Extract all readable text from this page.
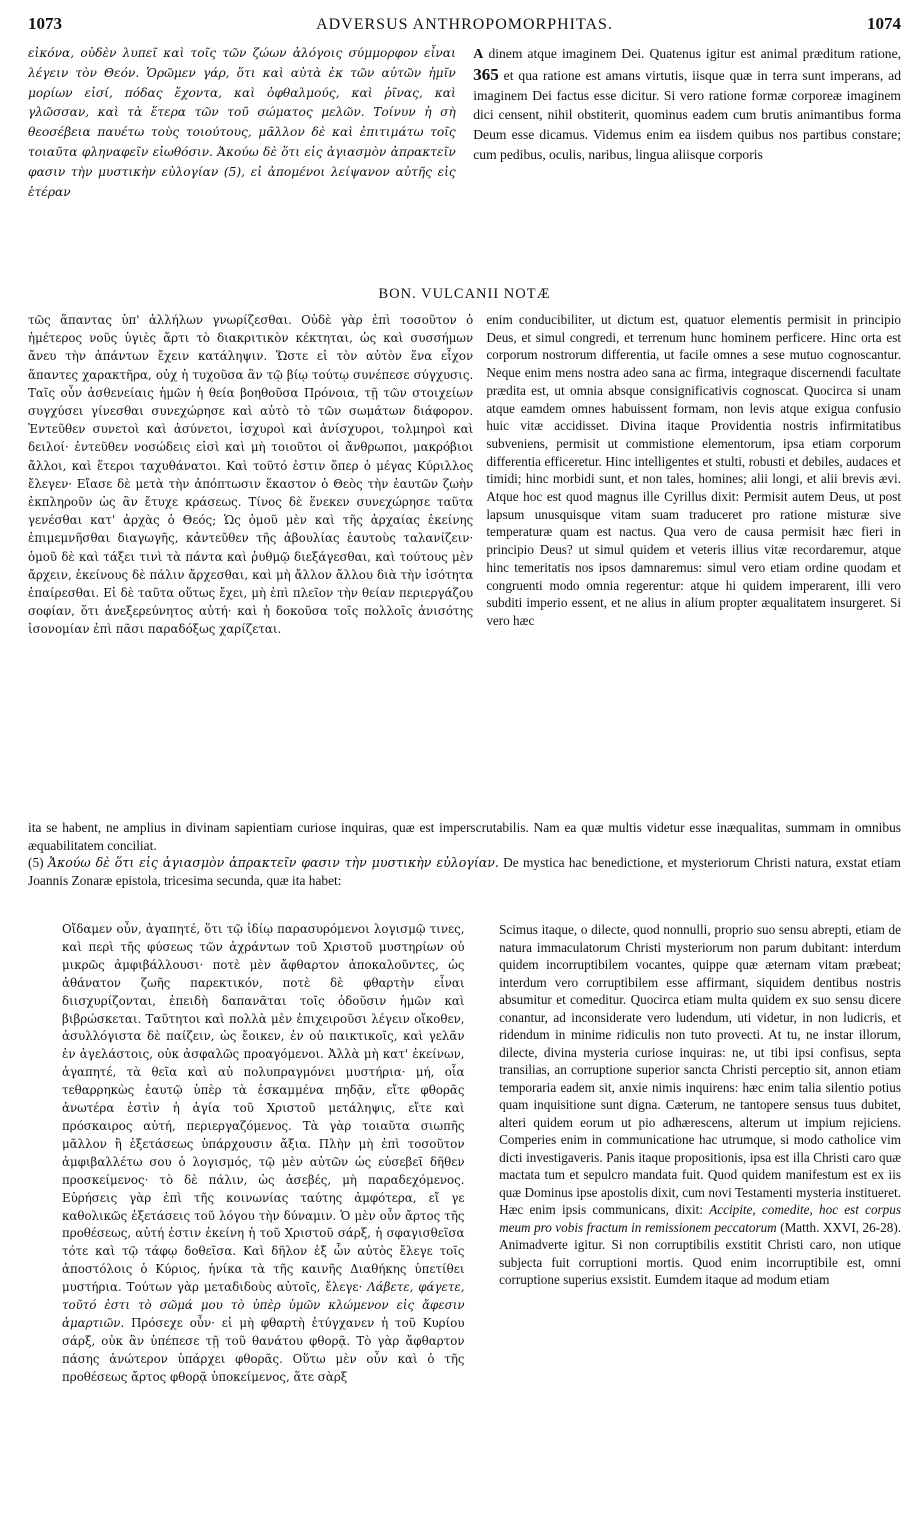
1073	ADVERSUS ANTHROPOMORPHITAS.	1074
εἰκόνα, οὐδὲν λυπεῖ καὶ τοῖς τῶν ζώων ἀλόγοις σύμμορφον εἶναι λέγειν τὸν Θεόν. Ὁρῶμεν γάρ, ὅτι καὶ αὐτὰ ἐκ τῶν αὐτῶν ἡμῖν μορίων εἰσί, πόδας ἔχοντα, καὶ ὀφθαλμούς, καὶ ῥῖνας, καὶ γλῶσσαν, καὶ τὰ ἕτερα τῶν τοῦ σώματος μελῶν. Τοίνυν ἡ σὴ θεοσέβεια παυέτω τοὺς τοιούτους, μᾶλλον δὲ καὶ ἐπιτιμάτω τοῖς τοιαῦτα φληναφεῖν εἰωθόσιν. Ἀκούω δὲ ὅτι εἰς ἁγιασμὸν ἀπρακτεῖν φασιν τὴν μυστικὴν εὐλογίαν (5), εἰ ἀπομένοι λείψανον αὐτῆς εἰς ἑτέραν
A dinem atque imaginem Dei. Quatenus igitur est animal præditum ratione, 365 et qua ratione est amans virtutis, iisque quæ in terra sunt imperans, ad imaginem Dei factus esse dicitur. Si vero ratione formæ corporeæ imaginem dici censent, nihil obstiterit, quominus eadem cum brutis animantibus forma Deum esse dicamus. Videmus enim ea iisdem quibus nos partibus constare; cum pedibus, oculis, naribus, lingua aliisque corporis
BON. VULCANII NOTÆ
τῶς ἅπαντας ὑπ' ἀλλήλων γνωρίζεσθαι. Οὐδὲ γὰρ ἐπὶ τοσοῦτον ὁ ἡμέτερος νοῦς ὑγιὲς ἄρτι τὸ διακριτικὸν κέκτηται, ὡς καὶ συσσήμων ἄνευ τὴν ἁπάντων ἔχειν κατάληψιν. Ὥστε εἰ τὸν αὐτὸν ἕνα εἶχον ἅπαντες χαρακτῆρα, οὐχ ἡ τυχοῦσα ἂν τῷ βίῳ τούτῳ συνέπεσε σύγχυσις. Ταῖς οὖν ἀσθενείαις ἡμῶν ἡ θεία βοηθοῦσα Πρόνοια, τῇ τῶν στοιχείων συγχύσει γίνεσθαι συνεχώρησε καὶ αὐτὸ τὸ τῶν σωμάτων διάφορον. Ἐντεῦθεν συνετοὶ καὶ ἀσύνετοι, ἰσχυροὶ καὶ ἀνίσχυροι, τολμηροὶ καὶ δειλοί· ἐντεῦθεν νοσώδεις εἰσὶ καὶ μὴ τοιοῦτοι οἱ ἄνθρωποι, μακρόβιοι ἄλλοι, καὶ ἕτεροι ταχυθάνατοι. Καὶ τοῦτό ἐστιν ὅπερ ὁ μέγας Κύριλλος ἔλεγεν· Εἴασε δὲ μετὰ τὴν ἀπόπτωσιν ἕκαστον ὁ Θεὸς τὴν ἑαυτῶν ζωὴν ἐκπληροῦν ὡς ἂν ἔτυχε κράσεως. Τίνος δὲ ἕνεκεν συνεχώρησε ταῦτα γενέσθαι κατ' ἀρχὰς ὁ Θεός; Ὡς ὁμοῦ μὲν καὶ τῆς ἀρχαίας ἐκείνης ἐπιμεμνῆσθαι διαγωγῆς, κἀντεῦθεν τῆς ἀβουλίας ἑαυτοὺς ταλανίζειν· ὁμοῦ δὲ καὶ τάξει τινὶ τὰ πάντα καὶ ῥυθμῷ διεξάγεσθαι, καὶ τούτους μὲν ἄρχειν, ἐκείνους δὲ πάλιν ἄρχεσθαι, καὶ μὴ ἄλλον ἄλλου διὰ τὴν ἰσότητα ἐπαίρεσθαι. Εἰ δὲ ταῦτα οὕτως ἔχει, μὴ ἐπὶ πλεῖον τὴν θείαν περιεργάζου σοφίαν, ὅτι ἀνεξερεύνητος αὐτή· καὶ ἡ δοκοῦσα τοῖς πολλοῖς ἀνισότης ἰσονομίαν ἐπὶ πᾶσι παραδόξως χαρίζεται.
enim conducibiliter, ut dictum est, quatuor elementis permisit in principio Deus, et simul congredi, et terrenum hunc hominem perficere. Hinc orta est corporum nostrorum differentia, ut facile omnes a sese mutuo cognoscantur. Neque enim mens nostra adeo sana ac firma, integraque discernendi facultate prædita est, ut omnia absque consignificativis cognoscat. Quocirca si unam atque eamdem omnes habuissent formam, non levis atque exigua confusio huic vitæ accidisset. Divina itaque Providentia nostris infirmitatibus subveniens, permisit ut commistione elementorum, ipsa etiam corporum differentia efficeretur. Hinc intelligentes et stulti, robusti et debiles, audaces et timidi; hinc morbidi sunt, et non tales, homines; alii longi, et alii brevis ævi. Atque hoc est quod magnus ille Cyrillus dixit: Permisit autem Deus, ut post lapsum unusquisque vitam suam traduceret pro ratione misturæ sive temperaturæ quam est nactus. Qua vero de causa permisit hæc fieri in principio Deus? ut simul quidem et veteris illius vitæ recordaremur, atque hinc temeritatis nos ipsos damnaremus: simul vero etiam ordine quodam et congruenti modo omnia regerentur: atque hi quidem imperarent, illi vero subditi imperio essent, et ne alius in alium propter æqualitatem insurgeret. Si vero hæc
ita se habent, ne amplius in divinam sapientiam curiose inquiras, quæ est imperscrutabilis. Nam ea quæ multis videtur esse inæqualitas, summam in omnibus æquabilitatem conciliat.
(5) Ἀκούω δὲ ὅτι εἰς ἁγιασμὸν ἀπρακτεῖν φασιν τὴν μυστικὴν εὐλογίαν. De mystica hac benedictione, et mysteriorum Christi natura, exstat etiam Joannis Zonaræ epistola, tricesima secunda, quæ ita habet:
Οἴδαμεν οὖν, ἀγαπητέ, ὅτι τῷ ἰδίῳ παρασυρόμενοι λογισμῷ τινες, καὶ περὶ τῆς φύσεως τῶν ἀχράντων τοῦ Χριστοῦ μυστηρίων οὐ μικρῶς ἀμφιβάλλουσι· ποτὲ μὲν ἄφθαρτον ἀποκαλοῦντες, ὡς ἀθάνατον ζωῆς παρεκτικόν, ποτὲ δὲ φθαρτὴν εἶναι διισχυρίζονται, ἐπειδὴ δαπανᾶται τοῖς ὀδοῦσιν ἡμῶν καὶ βιβρώσκεται. Ταῦτητοι καὶ πολλὰ μὲν ἐπιχειροῦσι λέγειν οἴκοθεν, ἀσυλλόγιστα δὲ παίζειν, ὡς ἔοικεν, ἐν οὐ παικτικοῖς, καὶ γελᾶν ἐν ἀγελάστοις, οὐκ ἀσφαλῶς προαγόμενοι. Ἀλλὰ μὴ κατ' ἐκείνων, ἀγαπητέ, τὰ θεῖα καὶ αὐ πολυπραγμόνει μυστήρια· μή, οἷα τεθαρρηκὼς ἑαυτῷ ὑπὲρ τὰ ἐσκαμμένα πηδᾷν, εἴτε φθορᾶς ἀνωτέρα ἐστὶν ἡ ἁγία τοῦ Χριστοῦ μετάληψις, εἴτε καὶ πρόσκαιρος αὐτή, περιεργαζόμενος. Τὰ γὰρ τοιαῦτα σιωπῆς μᾶλλον ἢ ἐξετάσεως ὑπάρχουσιν ἄξια. Πλὴν μὴ ἐπὶ τοσοῦτον ἀμφιβαλλέτω σου ὁ λογισμός, τῷ μὲν αὐτῶν ὡς εὐσεβεῖ δῆθεν προσκείμενος· τὸ δὲ πάλιν, ὡς ἀσεβές, μὴ παραδεχόμενος. Εὑρήσεις γὰρ ἐπὶ τῆς κοινωνίας ταύτης ἀμφότερα, εἴ γε καθολικῶς ἐξετάσεις τοῦ λόγου τὴν δύναμιν. Ὁ μὲν οὖν ἄρτος τῆς προθέσεως, αὐτή ἐστιν ἐκείνη ἡ τοῦ Χριστοῦ σάρξ, ἡ σφαγισθεῖσα τότε καὶ τῷ τάφῳ δοθεῖσα. Καὶ δῆλον ἐξ ὧν αὐτὸς ἔλεγε τοῖς ἀποστόλοις ὁ Κύριος, ἡνίκα τὰ τῆς καινῆς Διαθήκης ὑπετίθει μυστήρια. Τούτων γὰρ μεταδιδοὺς αὐτοῖς, ἔλεγε· Λάβετε, φάγετε, τοῦτό ἐστι τὸ σῶμά μου τὸ ὑπὲρ ὑμῶν κλώμενον εἰς ἄφεσιν ἁμαρτιῶν. Πρόσεχε οὖν· εἰ μὴ φθαρτὴ ἐτύγχανεν ἡ τοῦ Κυρίου σάρξ, οὐκ ἂν ὑπέπεσε τῇ τοῦ θανάτου φθορᾷ. Τὸ γὰρ ἄφθαρτον πάσης ἀνώτερον ὑπάρχει φθορᾶς. Οὕτω μὲν οὖν καὶ ὁ τῆς προθέσεως ἄρτος φθορᾷ ὑποκείμενος, ἅτε σὰρξ
Scimus itaque, o dilecte, quod nonnulli, proprio suo sensu abrepti, etiam de natura immaculatorum Christi mysteriorum non parum dubitant: interdum quidem incorruptibilem vocantes, quippe quæ æternam vitam præbeat; interdum vero corruptibilem esse affirmant, siquidem dentibus nostris absumitur et comeditur. Quocirca etiam multa quidem ex suo sensu dicere conantur, ad inconsiderate vero ludendum, uti videtur, in non ludicris, et ridendum in minime ridiculis non tuto provecti. At tu, ne instar illorum, dilecte, divina mysteria curiose inquiras: ne, ut tibi ipsi confisus, septa transilias, an corruptione superior sancta Christi perceptio sit, annon etiam temporaria eadem sit, anxie nimis inquirens: hæc enim talia silentio potius quam inquisitione sunt digna. Cæterum, ne tantopere sensus tuus dubitet, alteri quidem eorum ut pio adhærescens, alterum ut impium rejiciens. Comperies enim in communicatione hac utrumque, si modo catholice vim dicti investigaveris. Panis itaque propositionis, ipsa est illa Christi caro quæ mactata tum et sepulcro mandata fuit. Quod quidem manifestum est ex iis quæ Dominus ipse apostolis dixit, cum novi Testamenti mysteria institueret. Hæc enim ipsis communicans, dixit: Accipite, comedite, hoc est corpus meum pro vobis fractum in remissionem peccatorum (Matth. XXVI, 26-28). Animadverte igitur. Si non corruptibilis exstitit Christi caro, non utique subjecta fuit corruptioni mortis. Quod enim incorruptibile est, omni corruptione superius exsistit. Eumdem itaque ad modum etiam
